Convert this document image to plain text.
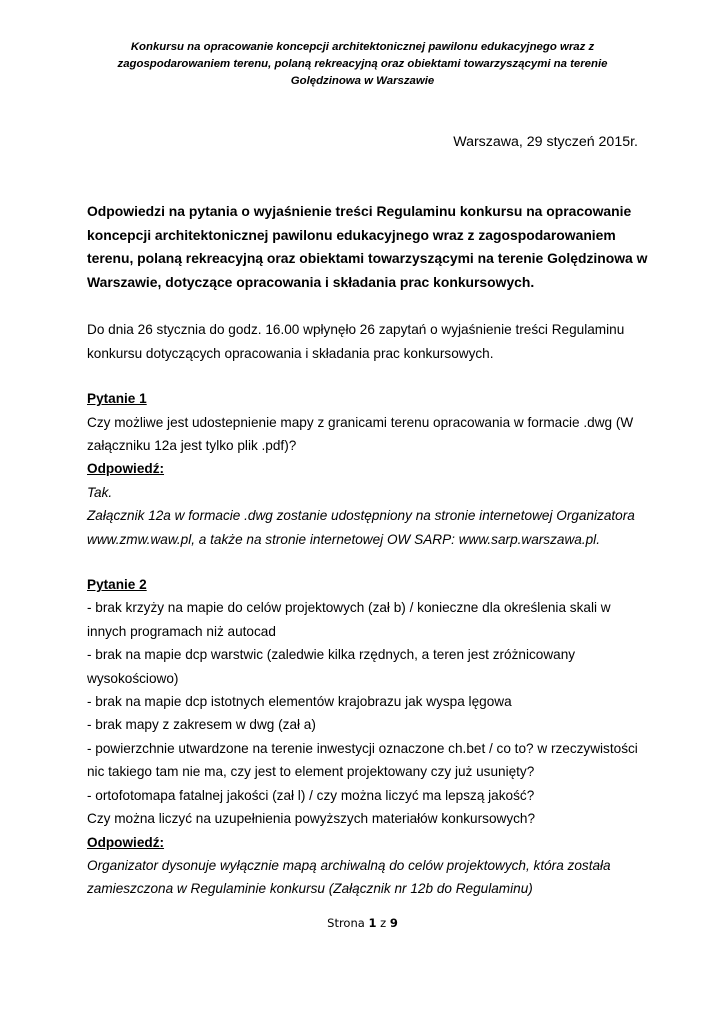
Konkursu na opracowanie koncepcji architektonicznej pawilonu edukacyjnego wraz z
zagospodarowaniem terenu, polaną rekreacyjną oraz obiektami towarzyszącymi na terenie
Golędzinowa w Warszawie
Warszawa, 29 styczeń 2015r.
Odpowiedzi na pytania o wyjaśnienie treści Regulaminu konkursu na opracowanie
koncepcji architektonicznej pawilonu edukacyjnego wraz z zagospodarowaniem
terenu, polaną rekreacyjną oraz obiektami towarzyszącymi na terenie Golędzinowa w
Warszawie, dotyczące opracowania i składania prac konkursowych.
Do dnia 26 stycznia do godz. 16.00 wpłynęło 26 zapytań o wyjaśnienie treści Regulaminu
konkursu dotyczących opracowania i składania prac konkursowych.
Pytanie 1
Czy możliwe jest udostepnienie mapy z granicami terenu opracowania w formacie .dwg (W
załączniku 12a jest tylko plik .pdf)?
Odpowiedź:
Tak.
Załącznik 12a w formacie .dwg zostanie udostępniony na stronie internetowej Organizatora
www.zmw.waw.pl, a także na stronie internetowej OW SARP: www.sarp.warszawa.pl.
Pytanie 2
- brak krzyży na mapie do celów projektowych (zał b) / konieczne dla określenia skali w
innych programach niż autocad
- brak na mapie dcp warstwic (zaledwie kilka rzędnych, a teren jest zróżnicowany
wysokościowo)
- brak na mapie dcp istotnych elementów krajobrazu jak wyspa lęgowa
- brak mapy z zakresem w dwg (zał a)
- powierzchnie utwardzone na terenie inwestycji oznaczone ch.bet / co to? w rzeczywistości
nic takiego tam nie ma, czy jest to element projektowany czy już usunięty?
- ortofotomapa fatalnej jakości (zał l) / czy można liczyć ma lepszą jakość?
Czy można liczyć na uzupełnienia powyższych materiałów konkursowych?
Odpowiedź:
Organizator dysonuje wyłącznie mapą archiwalną do celów projektowych, która została
zamieszczona w Regulaminie konkursu (Załącznik nr 12b do Regulaminu)
Strona 1 z 9
